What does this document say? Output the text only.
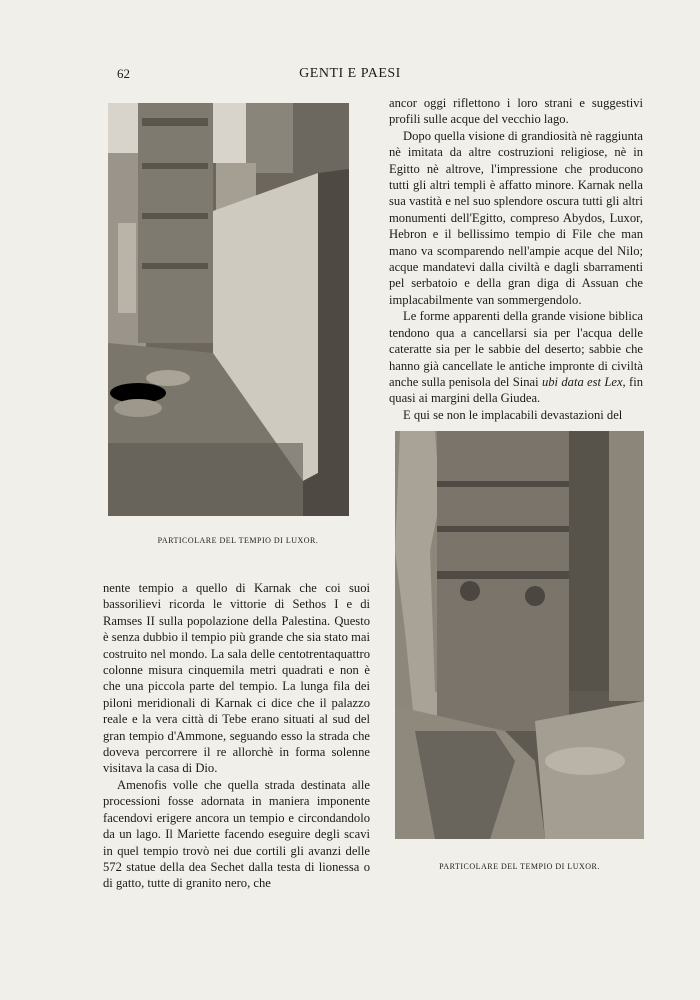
62	GENTI E PAESI
PARTICOLARE DEL TEMPIO DI LUXOR.
PARTICOLARE DEL TEMPIO DI LUXOR.

ancor oggi riflettono i loro strani e suggestivi profili sulle acque del vecchio lago.

Dopo quella visione di grandiosità nè raggiunta nè imitata da altre costruzioni religiose, nè in Egitto nè altrove, l'impressione che producono tutti gli altri templi è affatto minore. Karnak nella sua vastità e nel suo splendore oscura tutti gli altri monumenti dell'Egitto, compreso Abydos, Luxor, Hebron e il bellissimo tempio di File che man mano va scomparendo nell'ampie acque del Nilo; acque mandatevi dalla civiltà e dagli sbarramenti pel serbatoio e della gran diga di Assuan che implacabilmente van sommergendolo.

Le forme apparenti della grande visione biblica tendono qua a cancellarsi sia per l'acqua delle cateratte sia per le sabbie del deserto; sabbie che hanno già cancellate le antiche impronte di civiltà anche sulla penisola del Sinai ubi data est Lex, fin quasi ai margini della Giudea.

E qui se non le implacabili devastazioni del

nente tempio a quello di Karnak che coi suoi bassorilievi ricorda le vittorie di Sethos I e di Ramses II sulla popolazione della Palestina. Questo è senza dubbio il tempio più grande che sia stato mai costruito nel mondo. La sala delle centotrentaquattro colonne misura cinquemila metri quadrati e non è che una piccola parte del tempio. La lunga fila dei piloni meridionali di Karnak ci dice che il palazzo reale e la vera città di Tebe erano situati al sud del gran tempio d'Ammone, seguando esso la strada che doveva percorrere il re allorchè in forma solenne visitava la casa di Dio.

Amenofis volle che quella strada destinata alle processioni fosse adornata in maniera imponente facendovi erigere ancora un tempio e circondandolo da un lago. Il Mariette facendo eseguire degli scavi in quel tempio trovò nei due cortili gli avanzi delle 572 statue della dea Sechet dalla testa di lionessa o di gatto, tutte di granito nero, che
